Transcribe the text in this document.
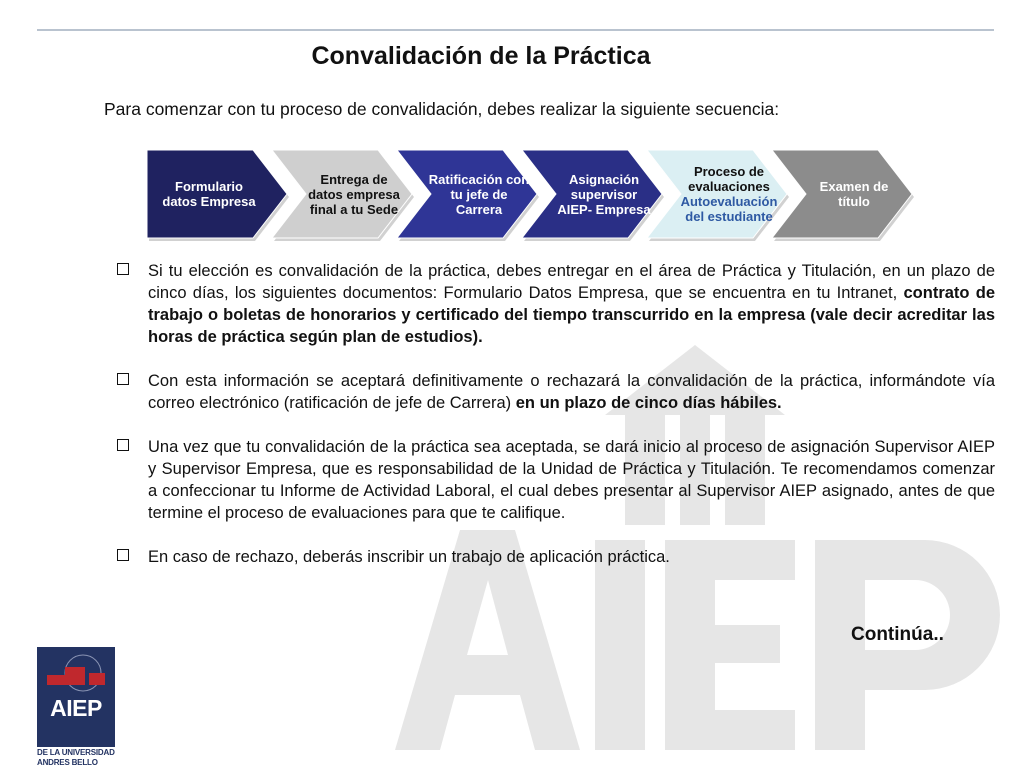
Convalidación de la Práctica
Para comenzar con tu proceso de convalidación, debes realizar la siguiente secuencia:
Formulario datos Empresa
Entrega de datos empresa final a tu Sede
Ratificación con tu jefe de Carrera
Asignación supervisor AIEP- Empresa
Proceso de evaluaciones
Autoevaluación del estudiante
Examen de título
Si tu elección es convalidación de la práctica, debes entregar en el área de Práctica y Titulación, en un plazo de cinco días, los siguientes documentos: Formulario Datos Empresa, que se encuentra en tu Intranet, contrato de trabajo o boletas de honorarios y certificado del tiempo transcurrido en la empresa (vale decir acreditar las horas de práctica según plan de estudios).
Con esta información se aceptará definitivamente o rechazará la convalidación de la práctica, informándote vía correo electrónico (ratificación de jefe de Carrera) en un plazo de cinco días hábiles.
Una vez que tu convalidación de la práctica sea aceptada, se dará inicio al proceso de asignación Supervisor AIEP y Supervisor Empresa, que es responsabilidad de la Unidad de Práctica y Titulación. Te recomendamos comenzar a confeccionar tu Informe de Actividad Laboral, el cual debes presentar al Supervisor AIEP asignado, antes de que termine el proceso de evaluaciones para que te califique.
En caso de rechazo, deberás inscribir un trabajo de aplicación práctica.
Continúa..
AIEP
DE LA UNIVERSIDAD
ANDRES BELLO
